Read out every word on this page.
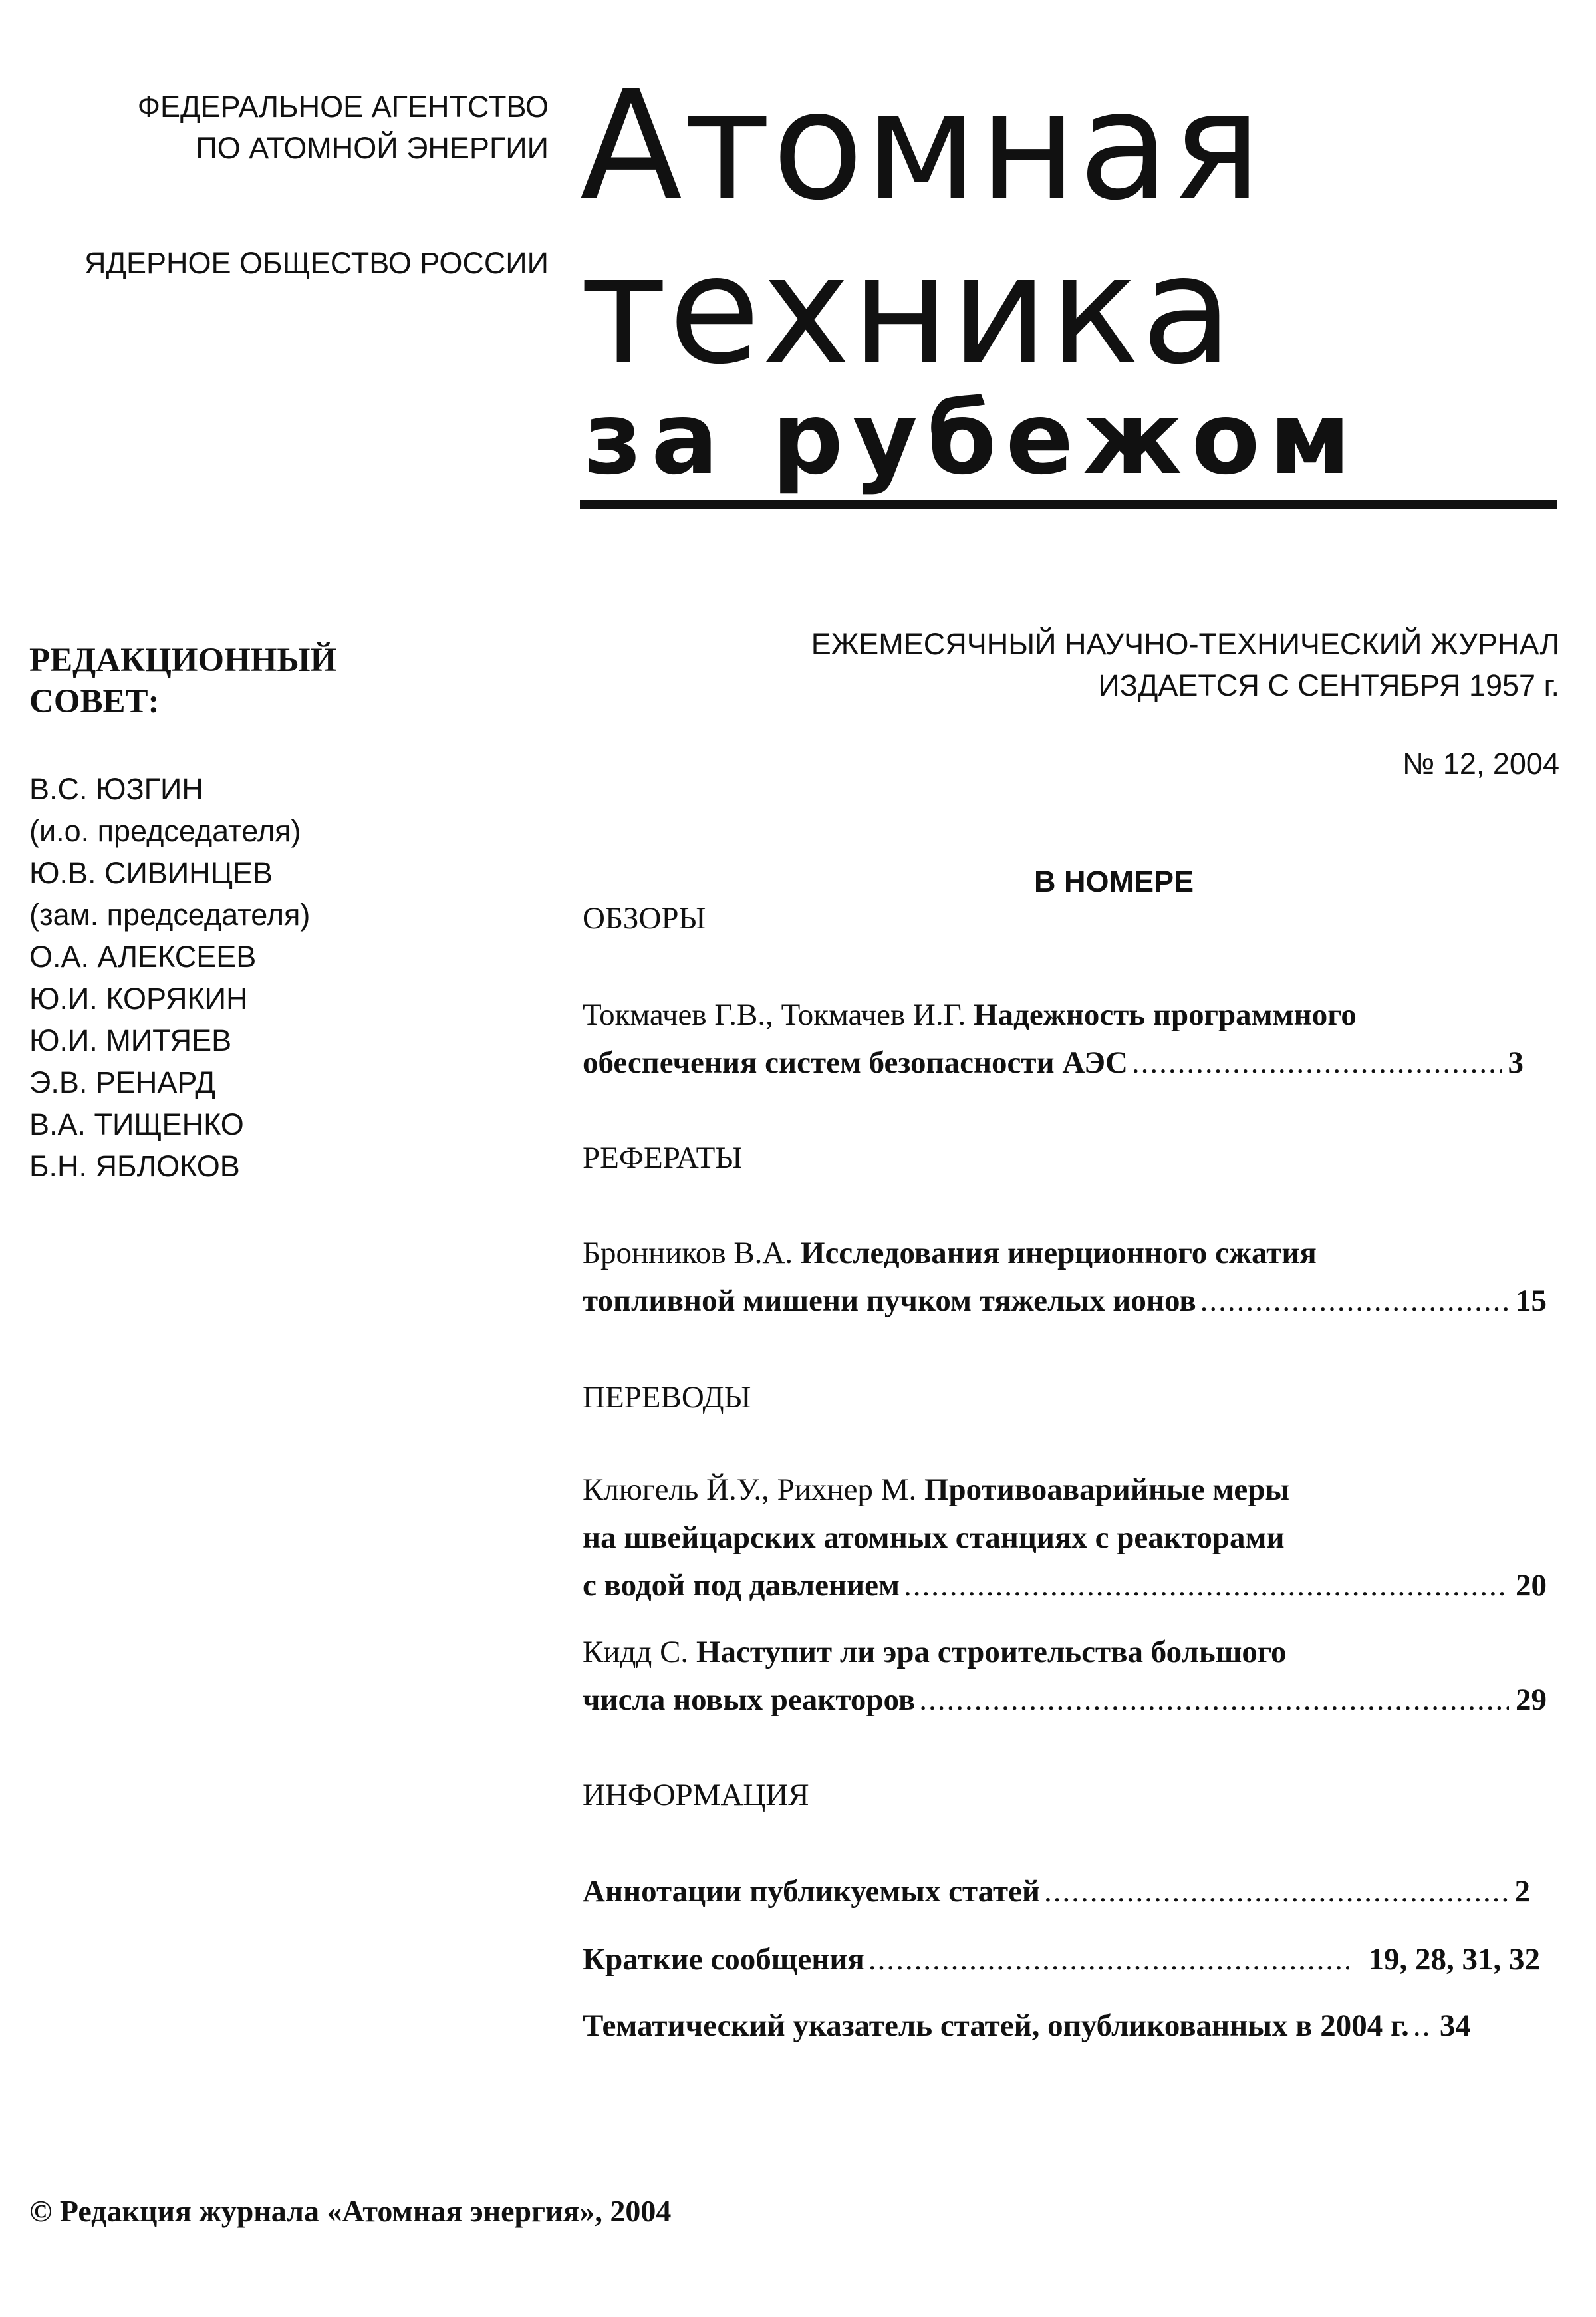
ФЕДЕРАЛЬНОЕ АГЕНТСТВО
ПО АТОМНОЙ ЭНЕРГИИ
ЯДЕРНОЕ ОБЩЕСТВО РОССИИ
Атомная
техника
за рубежом
РЕДАКЦИОННЫЙ
СОВЕТ:
В.С. ЮЗГИН
(и.о. председателя)
Ю.В. СИВИНЦЕВ
(зам. председателя)
О.А. АЛЕКСЕЕВ
Ю.И. КОРЯКИН
Ю.И. МИТЯЕВ
Э.В. РЕНАРД
В.А. ТИЩЕНКО
Б.Н. ЯБЛОКОВ
ЕЖЕМЕСЯЧНЫЙ НАУЧНО-ТЕХНИЧЕСКИЙ ЖУРНАЛ
ИЗДАЕТСЯ С СЕНТЯБРЯ 1957 г.
№ 12, 2004
В НОМЕРЕ
ОБЗОРЫ
Токмачев Г.В., Токмачев И.Г.
Надежность программного
обеспечения систем безопасности АЭС .....	3
РЕФЕРАТЫ
Бронников В.А.
Исследования инерционного сжатия
топливной мишени пучком тяжелых ионов .....	15
ПЕРЕВОДЫ
Клюгель Й.У., Рихнер М.
Противоаварийные меры
на швейцарских атомных станциях с реакторами
с водой под давлением .....	20
Кидд С.
Наступит ли эра строительства большого
числа новых реакторов .....	29
ИНФОРМАЦИЯ
Аннотации публикуемых статей .....	2
Краткие сообщения .....	19, 28, 31, 32
Тематический указатель статей, опубликованных в 2004 г. ..... 34
© Редакция журнала «Атомная энергия», 2004
